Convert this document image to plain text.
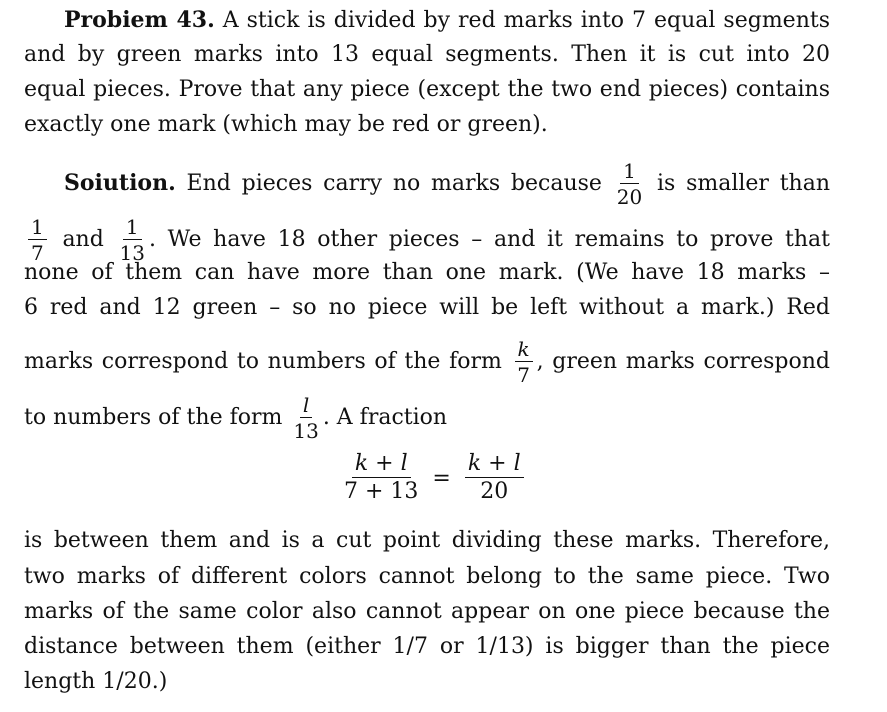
Probiem 43. A stick is divided by red marks into 7 equal segments
and by green marks into 13 equal segments. Then it is cut into 20
equal pieces. Prove that any piece (except the two end pieces) contains
exactly one mark (which may be red or green).
Soiution. End pieces carry no marks because $\frac{1}{20}$ is smaller than
$\frac{1}{7}$ and $\frac{1}{13}$ . We have 18 other pieces – and it remains to prove that
none of them can have more than one mark. (We have 18 marks –
6 red and 12 green – so no piece will be left without a mark.) Red
marks correspond to numbers of the form $\frac{k}{7}$ , green marks correspond
to numbers of the form $\frac{l}{13}$ . A fraction
$\frac{k + l}{7 + 13} = \frac{k + l}{20}$
is between them and is a cut point dividing these marks. Therefore,
two marks of different colors cannot belong to the same piece. Two
marks of the same color also cannot appear on one piece because the
distance between them (either 1/7 or 1/13) is bigger than the piece
length 1/20.)
